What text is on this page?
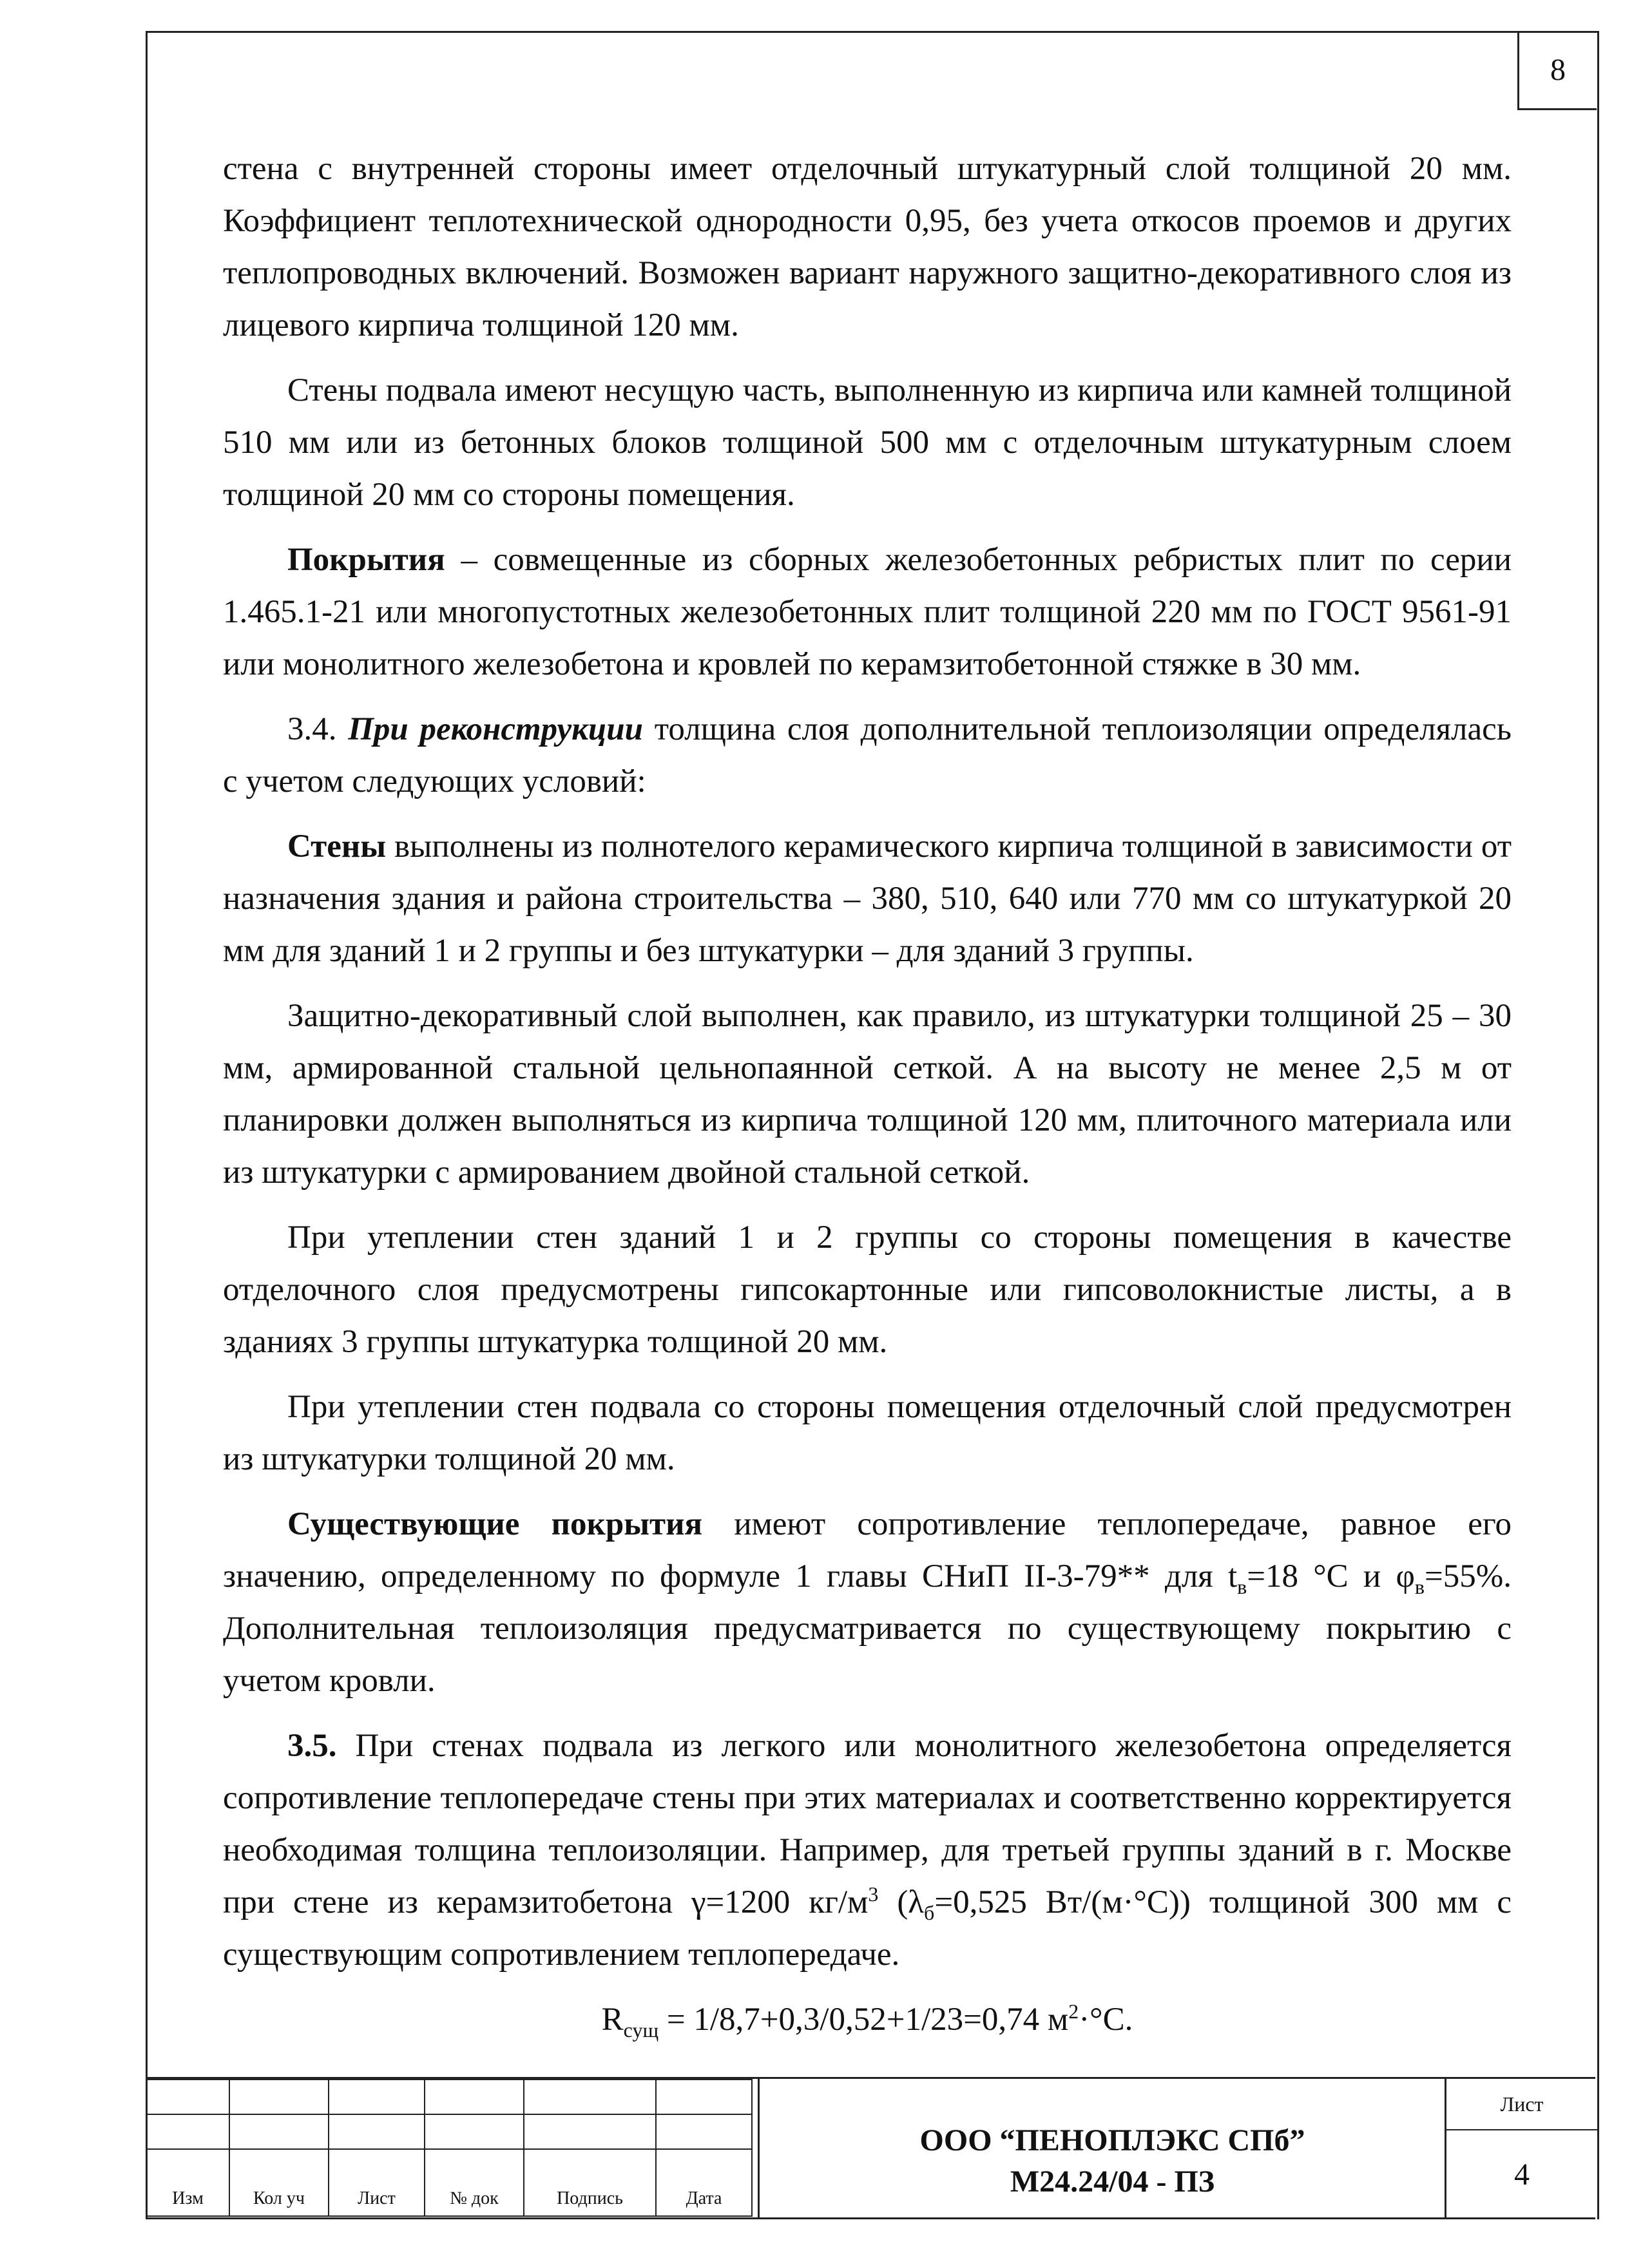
8

стена с внутренней стороны имеет отделочный штукатурный слой толщиной 20 мм. Коэффициент теплотехнической однородности 0,95, без учета откосов проемов и других теплопроводных включений. Возможен вариант наружного защитно-декоративного слоя из лицевого кирпича толщиной 120 мм.

Стены подвала имеют несущую часть, выполненную из кирпича или камней толщиной 510 мм или из бетонных блоков толщиной 500 мм с отделочным штукатурным слоем толщиной 20 мм со стороны помещения.

Покрытия – совмещенные из сборных железобетонных ребристых плит по серии 1.465.1-21 или многопустотных железобетонных плит толщиной 220 мм по ГОСТ 9561-91 или монолитного железобетона и кровлей по керамзитобетонной стяжке в 30 мм.

3.4. При реконструкции толщина слоя дополнительной теплоизоляции определялась с учетом следующих условий:

Стены выполнены из полнотелого керамического кирпича толщиной в зависимости от назначения здания и района строительства – 380, 510, 640 или 770 мм со штукатуркой 20 мм для зданий 1 и 2 группы и без штукатурки – для зданий 3 группы.

Защитно-декоративный слой выполнен, как правило, из штукатурки толщиной 25 – 30 мм, армированной стальной цельнопаянной сеткой. А на высоту не менее 2,5 м от планировки должен выполняться из кирпича толщиной 120 мм, плиточного материала или из штукатурки с армированием двойной стальной сеткой.

При утеплении стен зданий 1 и 2 группы со стороны помещения в качестве отделочного слоя предусмотрены гипсокартонные или гипсоволокнистые листы, а в зданиях 3 группы штукатурка толщиной 20 мм.

При утеплении стен подвала со стороны помещения отделочный слой предусмотрен из штукатурки толщиной 20 мм.

Существующие покрытия имеют сопротивление теплопередаче, равное его значению, определенному по формуле 1 главы СНиП II-3-79** для $t_в=18$ °С и $\varphi_в=55\%$. Дополнительная теплоизоляция предусматривается по существующему покрытию с учетом кровли.

3.5. При стенах подвала из легкого или монолитного железобетона определяется сопротивление теплопередаче стены при этих материалах и соответственно корректируется необходимая толщина теплоизоляции. Например, для третьей группы зданий в г. Москве при стене из керамзитобетона γ=1200 $кг/м^3$ ($\lambda_б=0,525$ Вт/(м·°С)) толщиной 300 мм с существующим сопротивлением теплопередаче.

$R_{сущ} = 1/8,7+0,3/0,52+1/23=0,74$ $м^2\cdot^\circ С$.

Изм	Кол уч	Лист	№ док	Подпись	Дата
ООО “ПЕНОПЛЭКС СПб”
М24.24/04 - ПЗ
Лист
4
